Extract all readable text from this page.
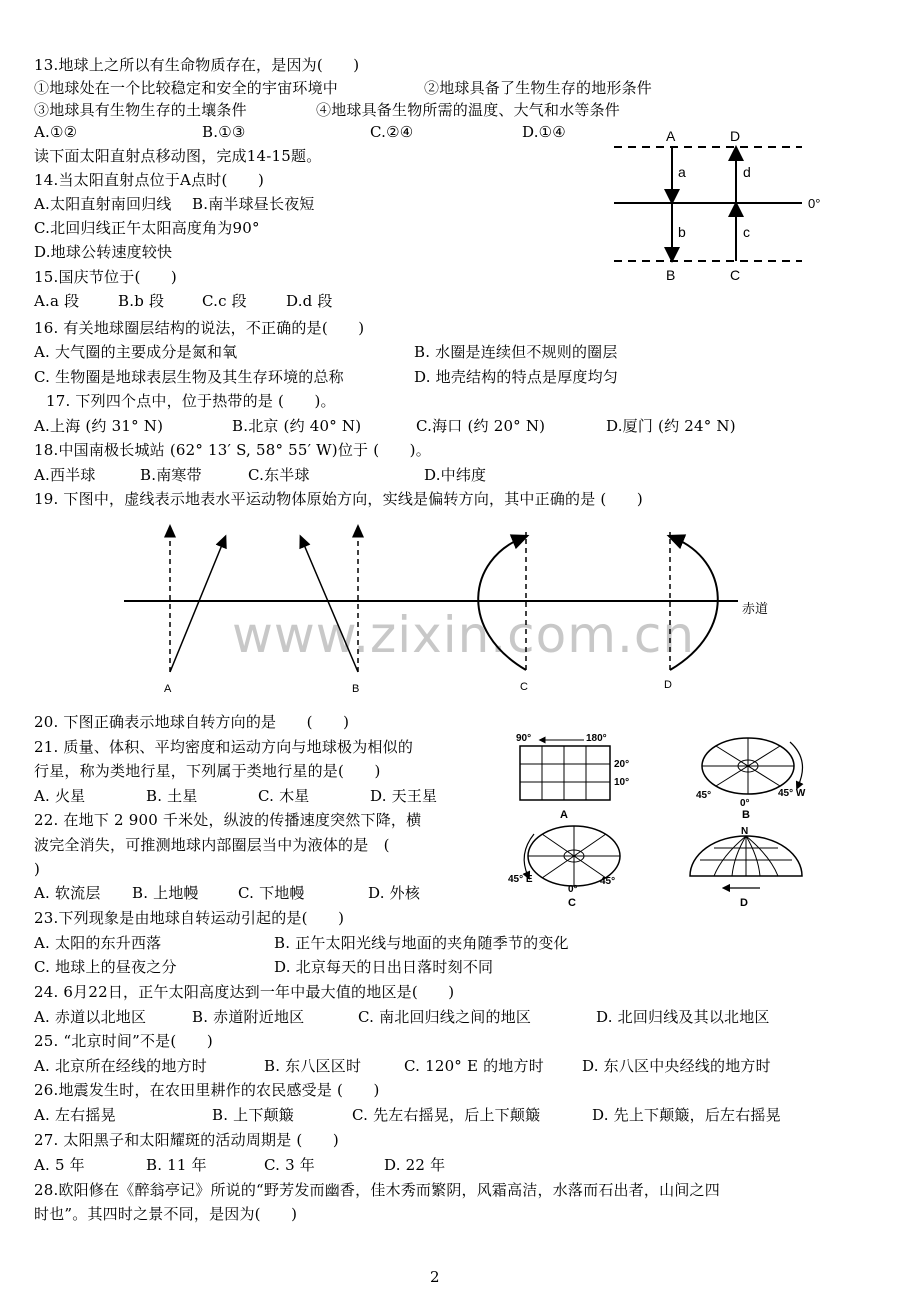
13.地球上之所以有生命物质存在，是因为(　　)
①地球处在一个比较稳定和安全的宇宙环境中	②地球具备了生物生存的地形条件
③地球具有生物生存的土壤条件	④地球具备生物所需的温度、大气和水等条件
A.①②	B.①③	C.②④	D.①④
读下面太阳直射点移动图，完成14-15题。
14.当太阳直射点位于A点时(　　)
A.太阳直射南回归线 B.南半球昼长夜短
C.北回归线正午太阳高度角为90°
D.地球公转速度较快
15.国庆节位于(　　)
A.a 段	B.b 段	C.c 段	D.d 段
A	D
B	C
a
b	c
d
0°
16. 有关地球圈层结构的说法，不正确的是(　　)
A. 大气圈的主要成分是氮和氧	B. 水圈是连续但不规则的圈层
C. 生物圈是地球表层生物及其生存环境的总称	D. 地壳结构的特点是厚度均匀
17. 下列四个点中，位于热带的是 (　　)。
A.上海 (约 31° N)	B.北京 (约 40° N)	C.海口 (约 20° N)	D.厦门 (约 24° N)
18.中国南极长城站 (62° 13′ S, 58° 55′ W)位于 (　　)。
A.西半球	B.南寒带	C.东半球	D.中纬度
19. 下图中，虚线表示地表水平运动物体原始方向，实线是偏转方向，其中正确的是 (　　)
www.zixin.com.cn	赤道
A	B	C	D
20. 下图正确表示地球自转方向的是　　(　　)
21. 质量、体积、平均密度和运动方向与地球极为相似的
行星，称为类地行星，下列属于类地行星的是(　　)
A. 火星	B. 土星	C. 木星	D. 天王星
22. 在地下 2 900 千米处，纵波的传播速度突然下降，横
波完全消失，可推测地球内部圈层当中为液体的是　(
)
A. 软流层 B. 上地幔	C. 下地幔	D. 外核
90°	180°
20°
10°
A
45°
0°
45° W
B
45° E
0°
45°
C
N
D
23.下列现象是由地球自转运动引起的是(　　)
A. 太阳的东升西落	B. 正午太阳光线与地面的夹角随季节的变化
C. 地球上的昼夜之分	D. 北京每天的日出日落时刻不同
24. 6月22日，正午太阳高度达到一年中最大值的地区是(　　)
A. 赤道以北地区	B. 赤道附近地区	C. 南北回归线之间的地区	D. 北回归线及其以北地区
25. “北京时间”不是(　　)
A. 北京所在经线的地方时	B. 东八区区时	C. 120° E 的地方时	D. 东八区中央经线的地方时
26.地震发生时，在农田里耕作的农民感受是 (　　)
A. 左右摇晃	B. 上下颠簸	C. 先左右摇晃，后上下颠簸	D. 先上下颠簸，后左右摇晃
27. 太阳黑子和太阳耀斑的活动周期是 (　　)
A. 5 年	B. 11 年	C. 3 年	D. 22 年
28.欧阳修在《醉翁亭记》所说的“野芳发而幽香，佳木秀而繁阴，风霜高洁，水落而石出者，山间之四
时也”。其四时之景不同，是因为(　　)
2
